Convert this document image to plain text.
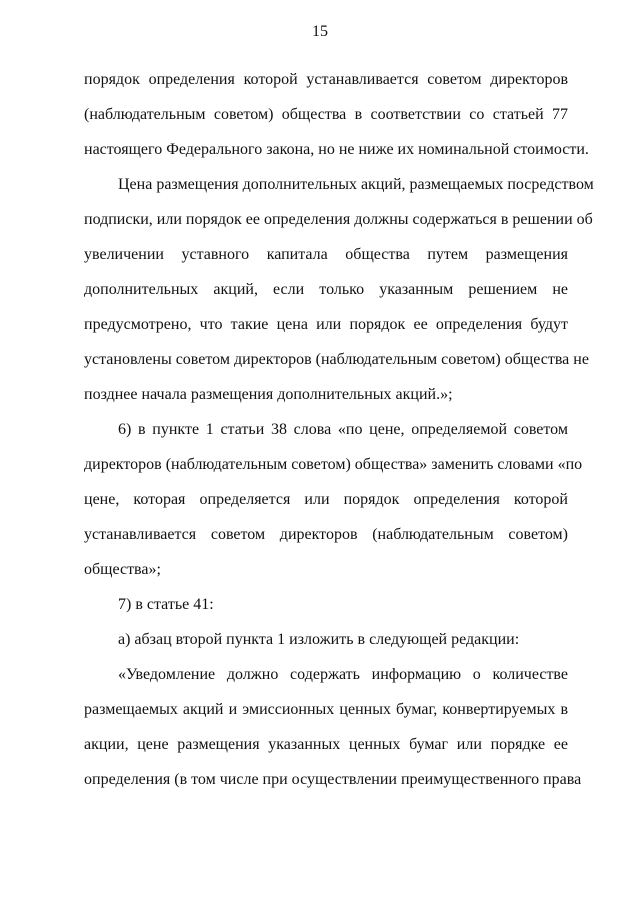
15
порядок определения которой устанавливается советом директоров
(наблюдательным советом) общества в соответствии со статьей 77
настоящего Федерального закона, но не ниже их номинальной стоимости.
Цена размещения дополнительных акций, размещаемых посредством
подписки, или порядок ее определения должны содержаться в решении об
увеличении уставного капитала общества путем размещения
дополнительных акций, если только указанным решением не
предусмотрено, что такие цена или порядок ее определения будут
установлены советом директоров (наблюдательным советом) общества не
позднее начала размещения дополнительных акций.»;
6) в пункте 1 статьи 38 слова «по цене, определяемой советом
директоров (наблюдательным советом) общества» заменить словами «по
цене, которая определяется или порядок определения которой
устанавливается советом директоров (наблюдательным советом)
общества»;
7) в статье 41:
а) абзац второй пункта 1 изложить в следующей редакции:
«Уведомление должно содержать информацию о количестве
размещаемых акций и эмиссионных ценных бумаг, конвертируемых в
акции, цене размещения указанных ценных бумаг или порядке ее
определения (в том числе при осуществлении преимущественного права
